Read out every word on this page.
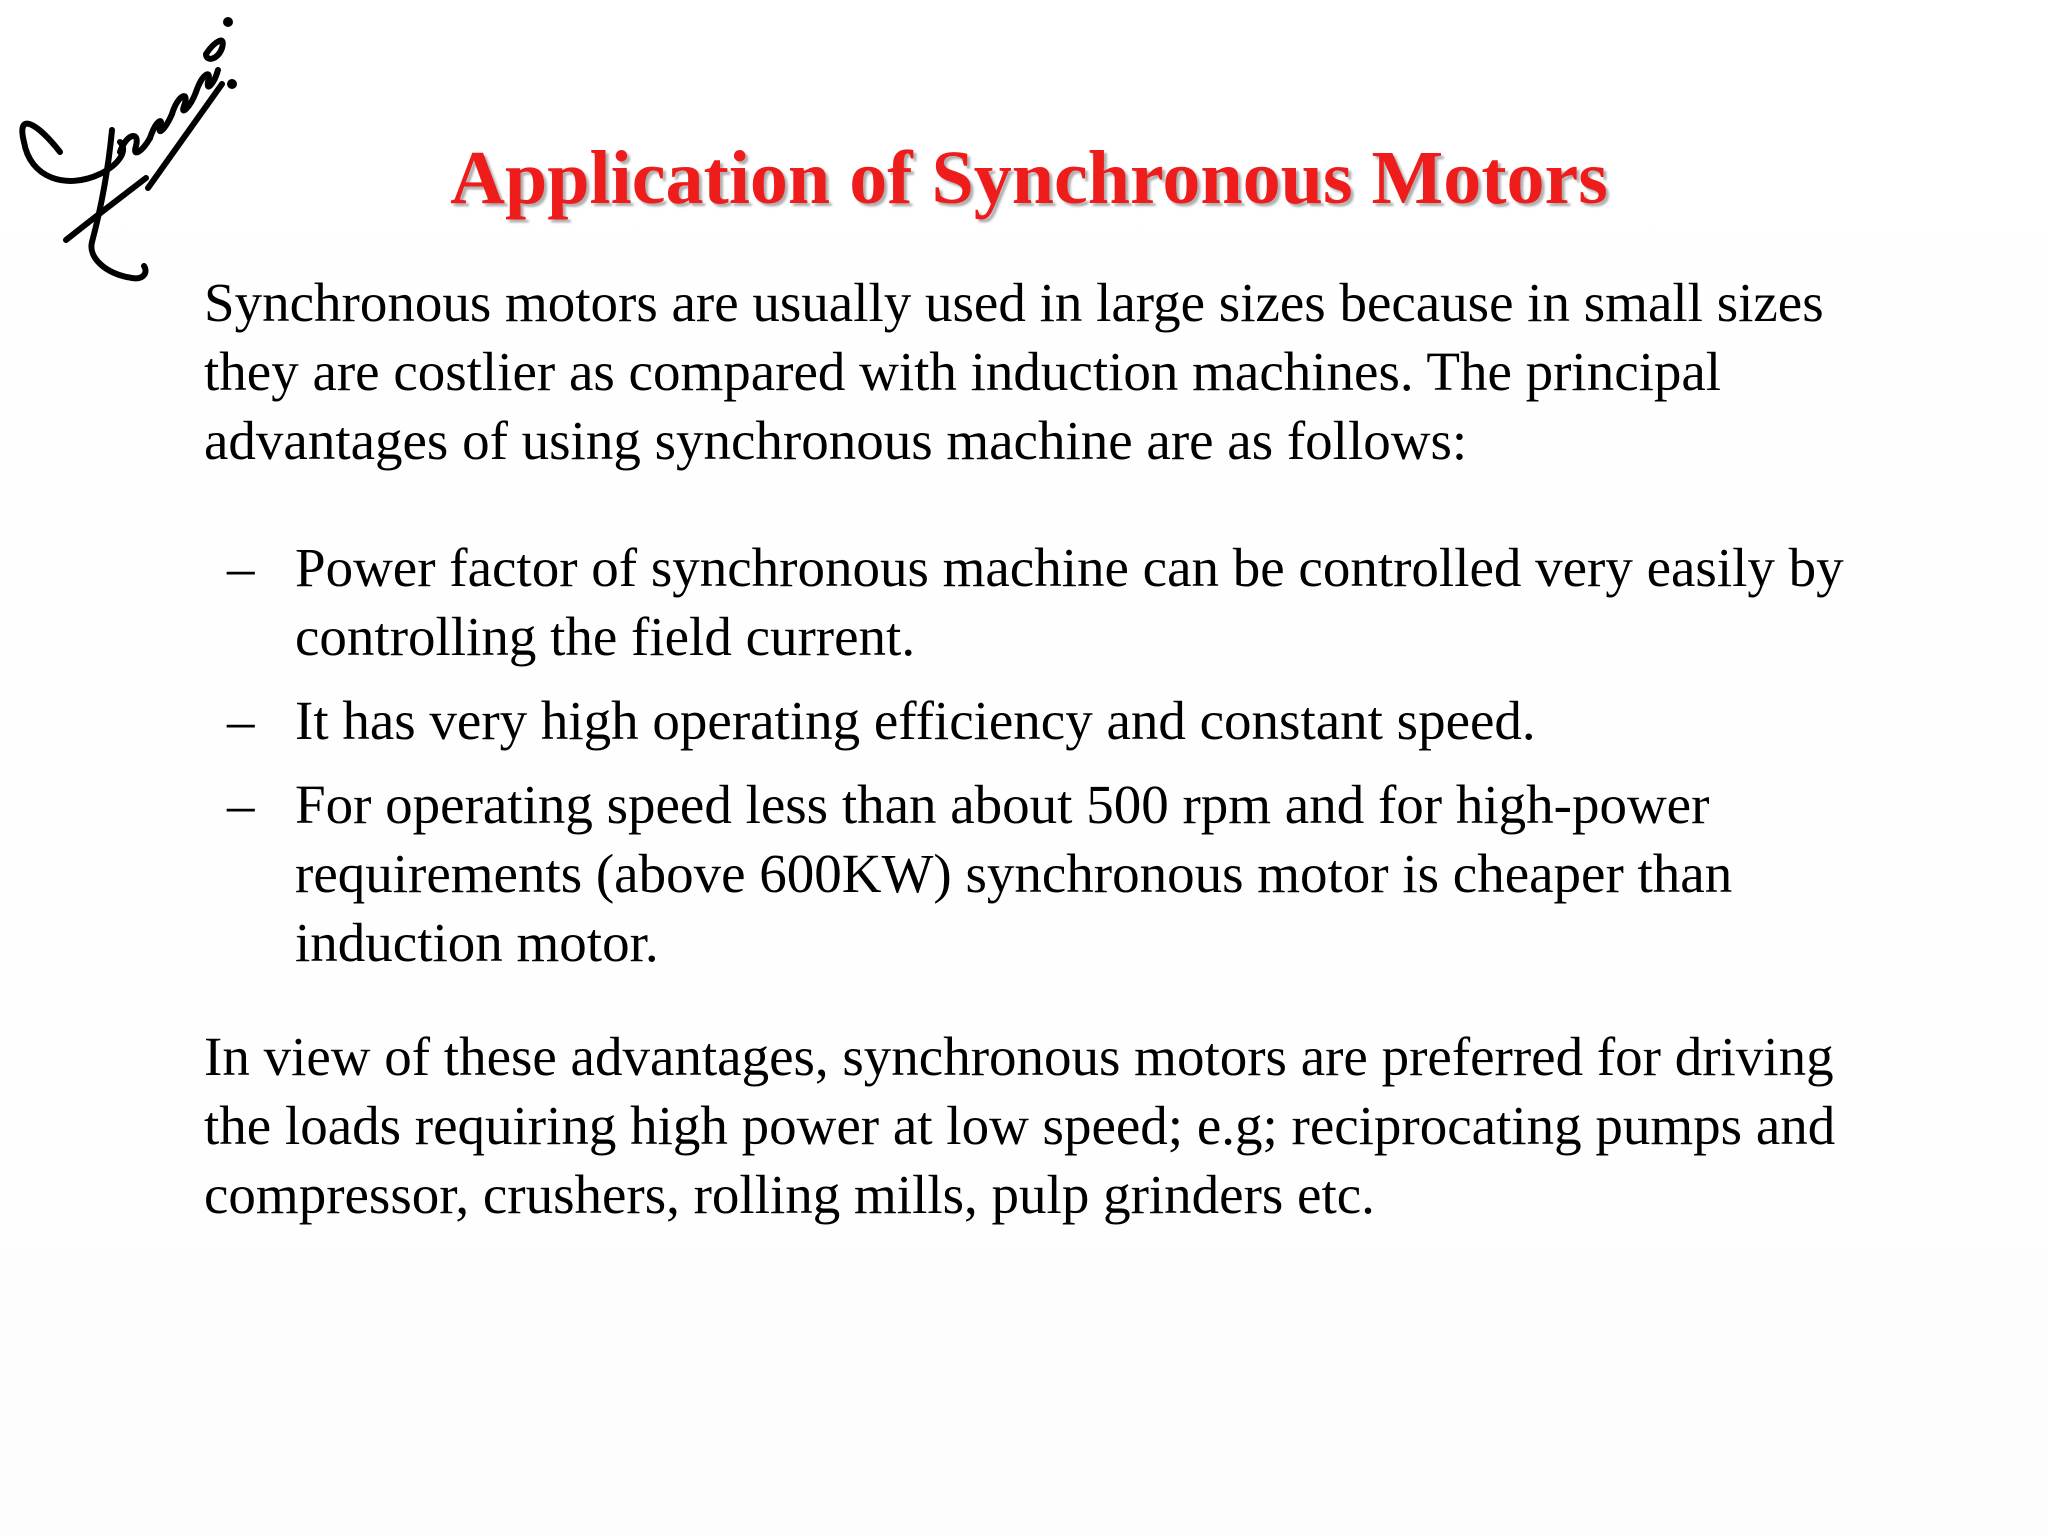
Application of Synchronous Motors

Synchronous motors are usually used in large sizes because in small sizes they are costlier as compared with induction machines. The principal advantages of using synchronous machine are as follows:

– Power factor of synchronous machine can be controlled very easily by controlling the field current.
– It has very high operating efficiency and constant speed.
– For operating speed less than about 500 rpm and for high-power requirements (above 600KW) synchronous motor is cheaper than induction motor.

In view of these advantages, synchronous motors are preferred for driving the loads requiring high power at low speed; e.g; reciprocating pumps and compressor, crushers, rolling mills, pulp grinders etc.
